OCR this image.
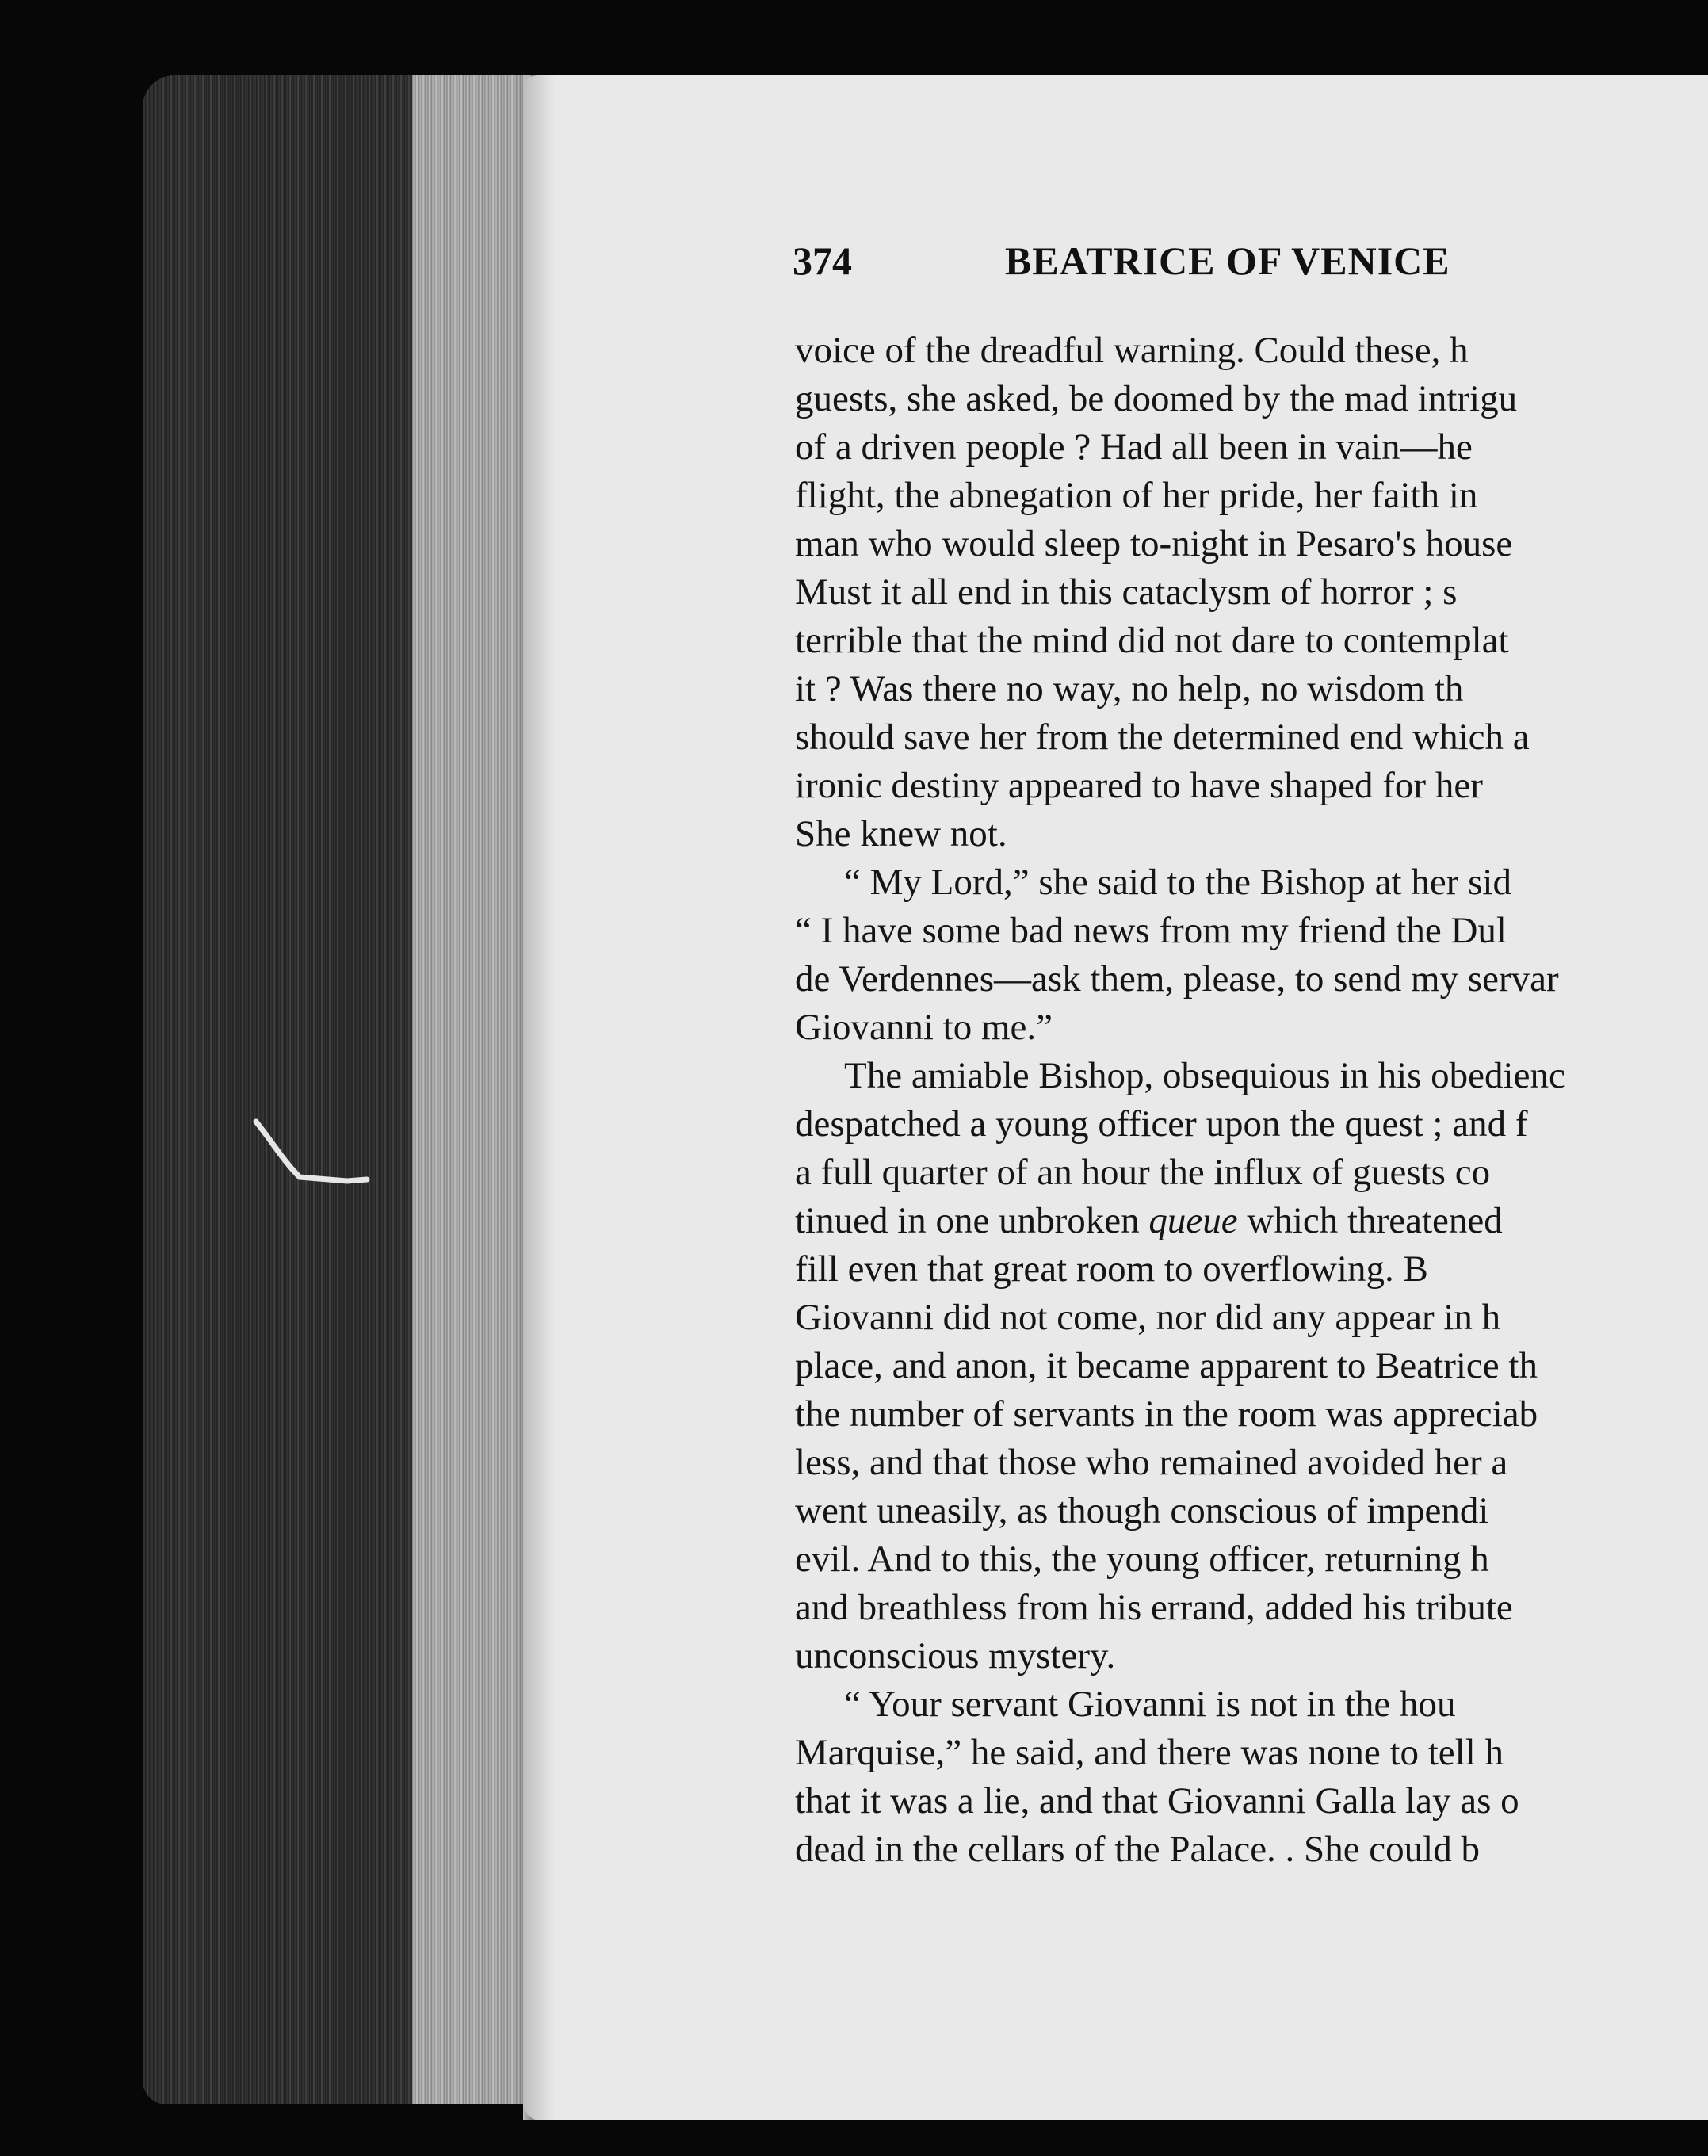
374	BEATRICE OF VENICE
voice of the dreadful warning. Could these, h
guests, she asked, be doomed by the mad intrigu
of a driven people ? Had all been in vain—he
flight, the abnegation of her pride, her faith in
man who would sleep to-night in Pesaro's house
Must it all end in this cataclysm of horror ; s
terrible that the mind did not dare to contemplat
it ? Was there no way, no help, no wisdom th
should save her from the determined end which a
ironic destiny appeared to have shaped for her
She knew not.
“ My Lord,” she said to the Bishop at her sid
“ I have some bad news from my friend the Dul
de Verdennes—ask them, please, to send my servar
Giovanni to me.”
The amiable Bishop, obsequious in his obedienc
despatched a young officer upon the quest ; and f
a full quarter of an hour the influx of guests co
tinued in one unbroken queue which threatened
fill even that great room to overflowing. B
Giovanni did not come, nor did any appear in h
place, and anon, it became apparent to Beatrice th
the number of servants in the room was appreciab
less, and that those who remained avoided her a
went uneasily, as though conscious of impendi
evil. And to this, the young officer, returning h
and breathless from his errand, added his tribute
unconscious mystery.
“ Your servant Giovanni is not in the hou
Marquise,” he said, and there was none to tell h
that it was a lie, and that Giovanni Galla lay as o
dead in the cellars of the Palace. . She could b
